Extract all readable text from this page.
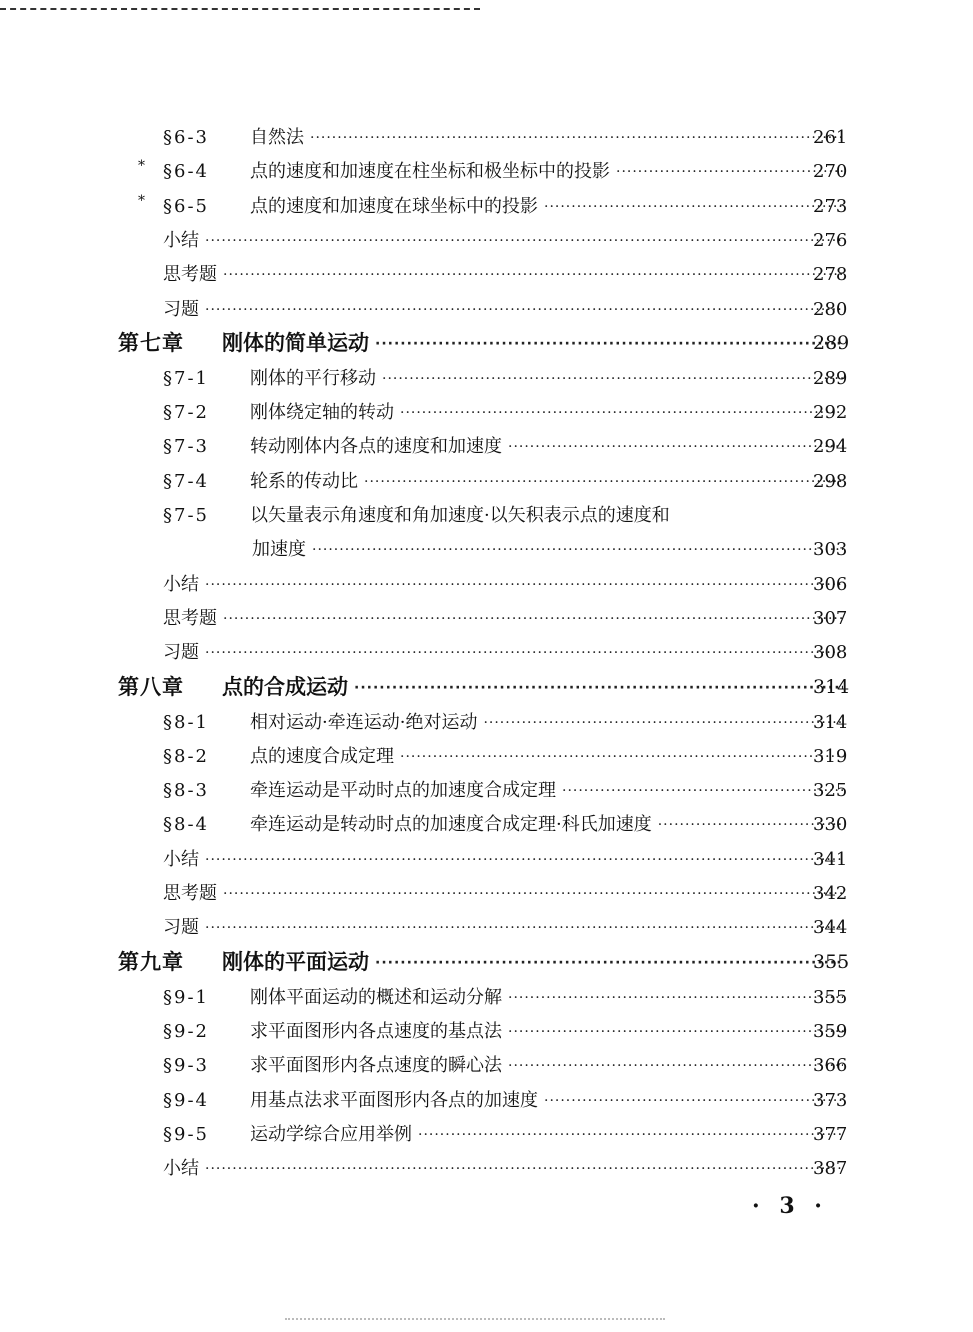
§6-3 自然法 ·····	261
* §6-4 点的速度和加速度在柱坐标和极坐标中的投影 ·····	270
* §6-5 点的速度和加速度在球坐标中的投影 ·····	273
小结 ·····	276
思考题 ·····	278
习题 ·····	280
第七章 刚体的简单运动 ·····	289
§7-1 刚体的平行移动 ·····	289
§7-2 刚体绕定轴的转动 ·····	292
§7-3 转动刚体内各点的速度和加速度 ·····	294
§7-4 轮系的传动比 ·····	298
§7-5 以矢量表示角速度和角加速度·以矢积表示点的速度和
加速度 ·····	303
小结 ·····	306
思考题 ·····	307
习题 ·····	308
第八章 点的合成运动 ·····	314
§8-1 相对运动·牵连运动·绝对运动 ·····	314
§8-2 点的速度合成定理 ·····	319
§8-3 牵连运动是平动时点的加速度合成定理 ·····	325
§8-4 牵连运动是转动时点的加速度合成定理·科氏加速度 ·····	330
小结 ·····	341
思考题 ·····	342
习题 ·····	344
第九章 刚体的平面运动 ·····	355
§9-1 刚体平面运动的概述和运动分解 ·····	355
§9-2 求平面图形内各点速度的基点法 ·····	359
§9-3 求平面图形内各点速度的瞬心法 ·····	366
§9-4 用基点法求平面图形内各点的加速度 ·····	373
§9-5 运动学综合应用举例 ·····	377
小结 ·····	387
· 3 ·
